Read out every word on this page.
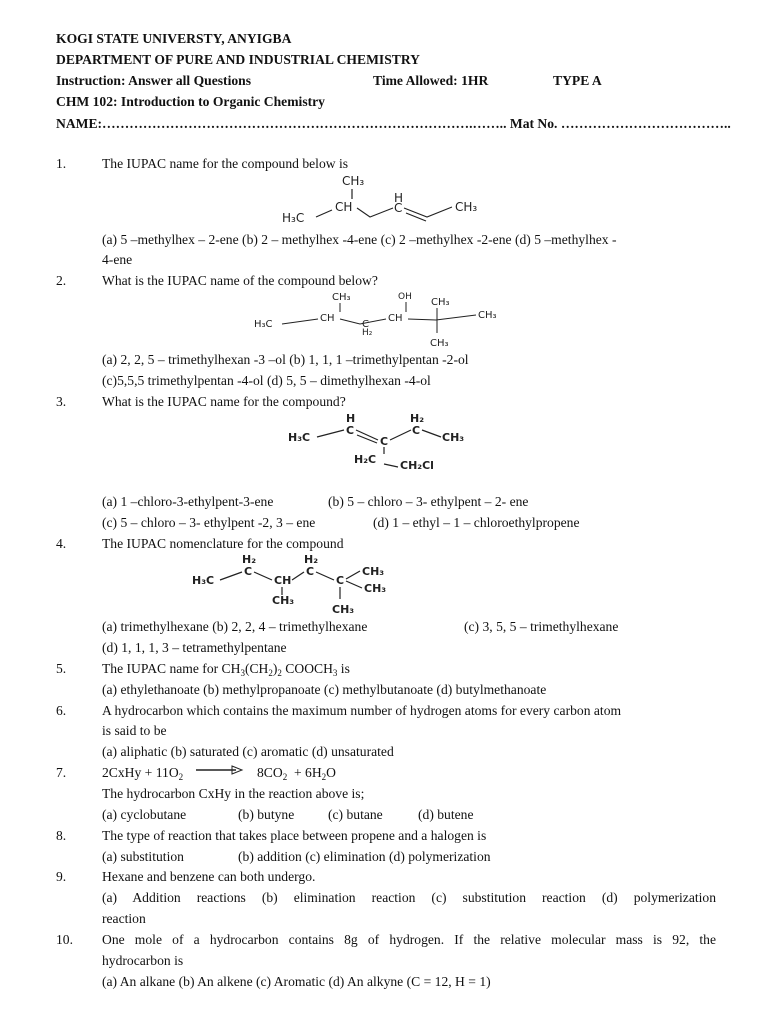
KOGI STATE UNIVERSTY, ANYIGBA
DEPARTMENT OF PURE AND INDUSTRIAL CHEMISTRY
Instruction: Answer all Questions	Time Allowed: 1HR	TYPE A
CHM 102: Introduction to Organic Chemistry
NAME:……………………………………………………………………….…….. Mat No. ………………………………..
1.	The IUPAC name for the compound below is
CH₃
H
CH	C	CH₃
H₃C
(a) 5 –methylhex – 2-ene (b) 2 – methylhex -4-ene (c) 2 –methylhex -2-ene (d) 5 –methylhex -
4-ene
2.	What is the IUPAC name of the compound below?
CH₃	OH CH₃
CH₃
H₃C
CH
C
H₂
CH
CH₃
(a) 2, 2, 5 – trimethylhexan -3 –ol (b) 1, 1, 1 –trimethylpentan -2-ol
(c)5,5,5 trimethylpentan -4-ol (d) 5, 5 – dimethylhexan -4-ol
3.	What is the IUPAC name for the compound?
H	H₂
H₃C
C
C
C
CH₃
H₂C CH₂Cl
(a) 1 –chloro-3-ethylpent-3-ene	(b) 5 – chloro – 3- ethylpent – 2- ene
(c) 5 – chloro – 3- ethylpent -2, 3 – ene	(d) 1 – ethyl – 1 – chloroethylpropene
4.	The IUPAC nomenclature for the compound
H₂	H₂
H₃C
C
CH
C
C
CH₃
CH₃
CH₃
CH₃
(a) trimethylhexane (b) 2, 2, 4 – trimethylhexane	(c) 3, 5, 5 – trimethylhexane
(d) 1, 1, 1, 3 – tetramethylpentane
5.	The IUPAC name for $CH_3(CH_2)_2$ $COOCH_3$ is
(a) ethylethanoate (b) methylpropanoate (c) methylbutanoate (d) butylmethanoate
6.	A hydrocarbon which contains the maximum number of hydrogen atoms for every carbon atom
is said to be
(a) aliphatic (b) saturated (c) aromatic (d) unsaturated
7.	2CxHy + $11O_2 \to 8CO_2 + 6H_2O$
The hydrocarbon CxHy in the reaction above is;
(a) cyclobutane	(b) butyne (c) butane	(d) butene
8.	The type of reaction that takes place between propene and a halogen is
(a) substitution	(b) addition (c) elimination (d) polymerization
9.	Hexane and benzene can both undergo.
(a) Addition reactions (b) elimination reaction (c) substitution reaction (d) polymerization
reaction
10. One mole of a hydrocarbon contains 8g of hydrogen. If the relative molecular mass is 92, the
hydrocarbon is
(a) An alkane (b) An alkene (c) Aromatic (d) An alkyne (C = 12, H = 1)
